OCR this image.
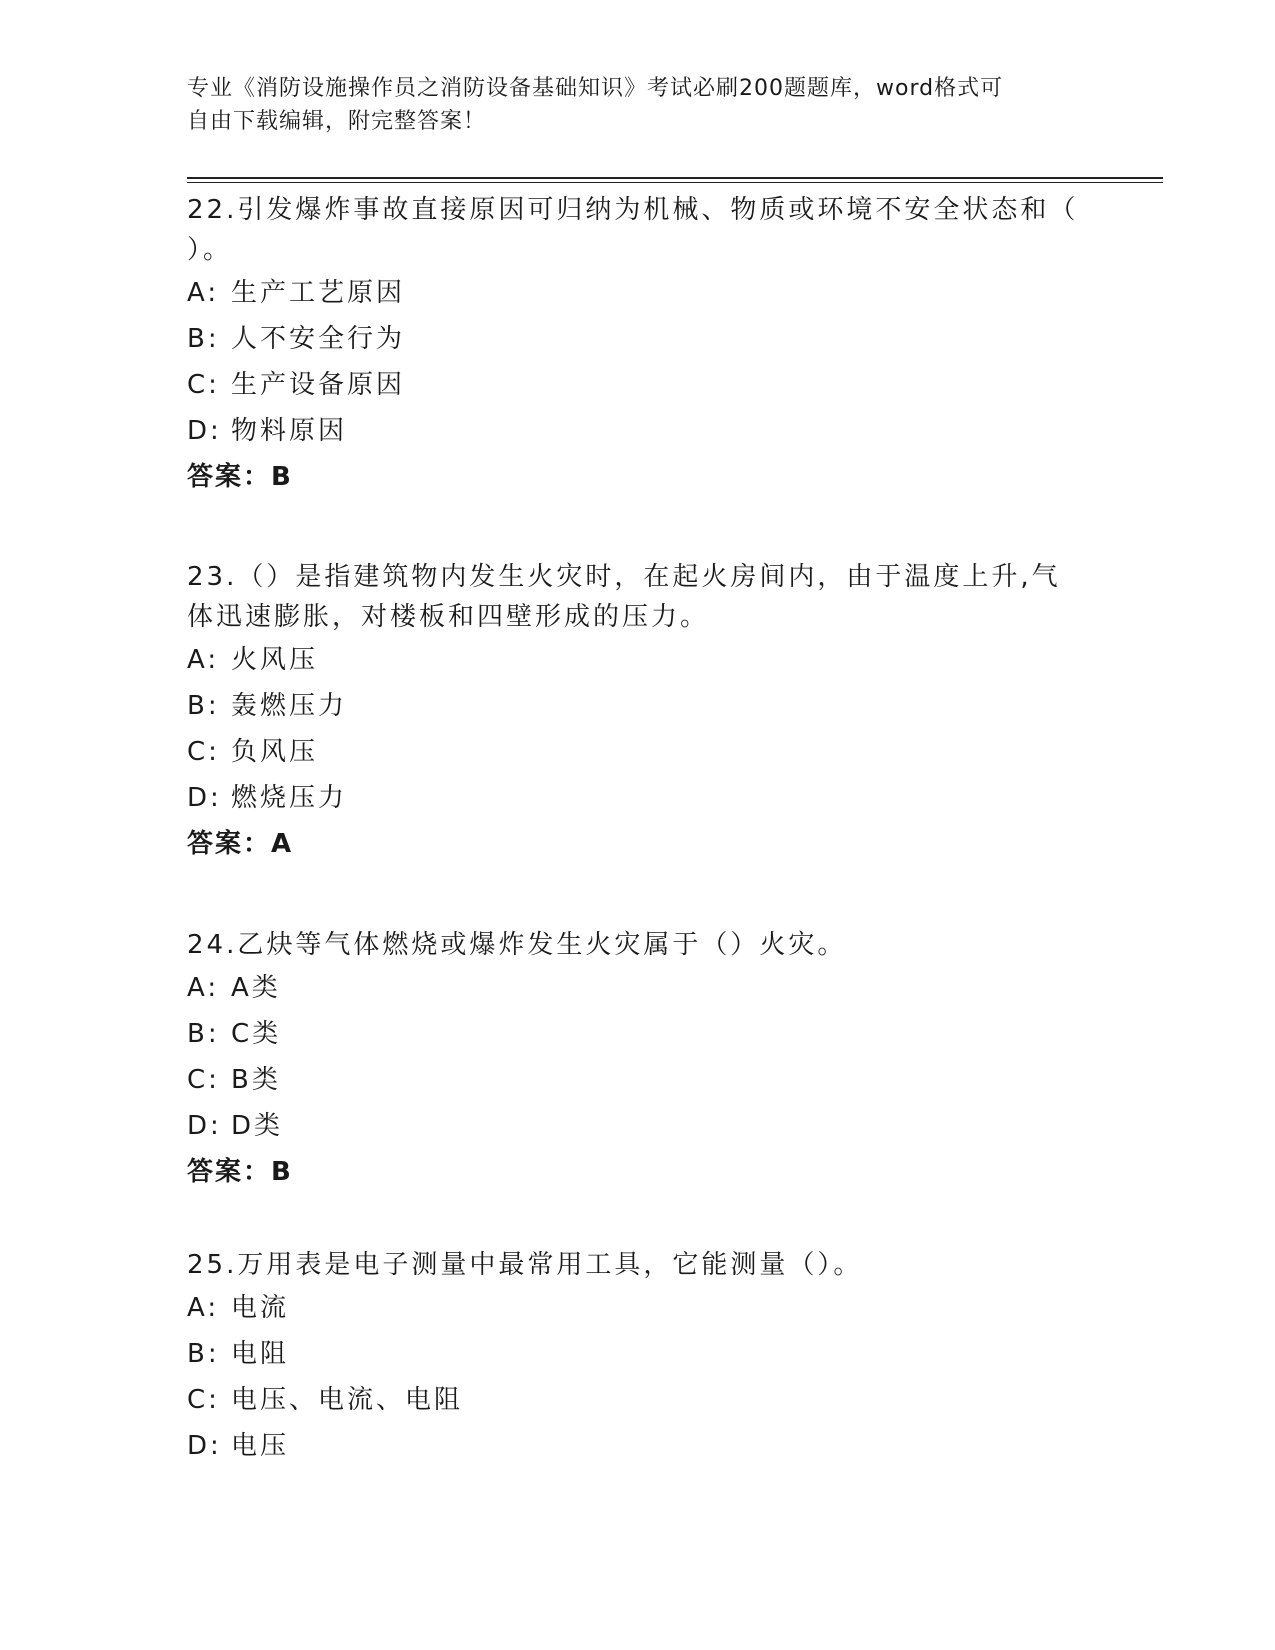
专业《消防设施操作员之消防设备基础知识》考试必刷200题题库，word格式可
自由下载编辑，附完整答案！

22.引发爆炸事故直接原因可归纳为机械、物质或环境不安全状态和（
）。

A: 生产工艺原因

B: 人不安全行为

C: 生产设备原因

D: 物料原因

答案：B

23.（）是指建筑物内发生火灾时，在起火房间内，由于温度上升,气
体迅速膨胀，对楼板和四壁形成的压力。

A: 火风压

B: 轰燃压力

C: 负风压

D: 燃烧压力

答案：A

24.乙炔等气体燃烧或爆炸发生火灾属于（）火灾。

A: A类

B: C类

C: B类

D: D类

答案：B

25.万用表是电子测量中最常用工具，它能测量（）。

A: 电流

B: 电阻

C: 电压、电流、电阻

D: 电压
